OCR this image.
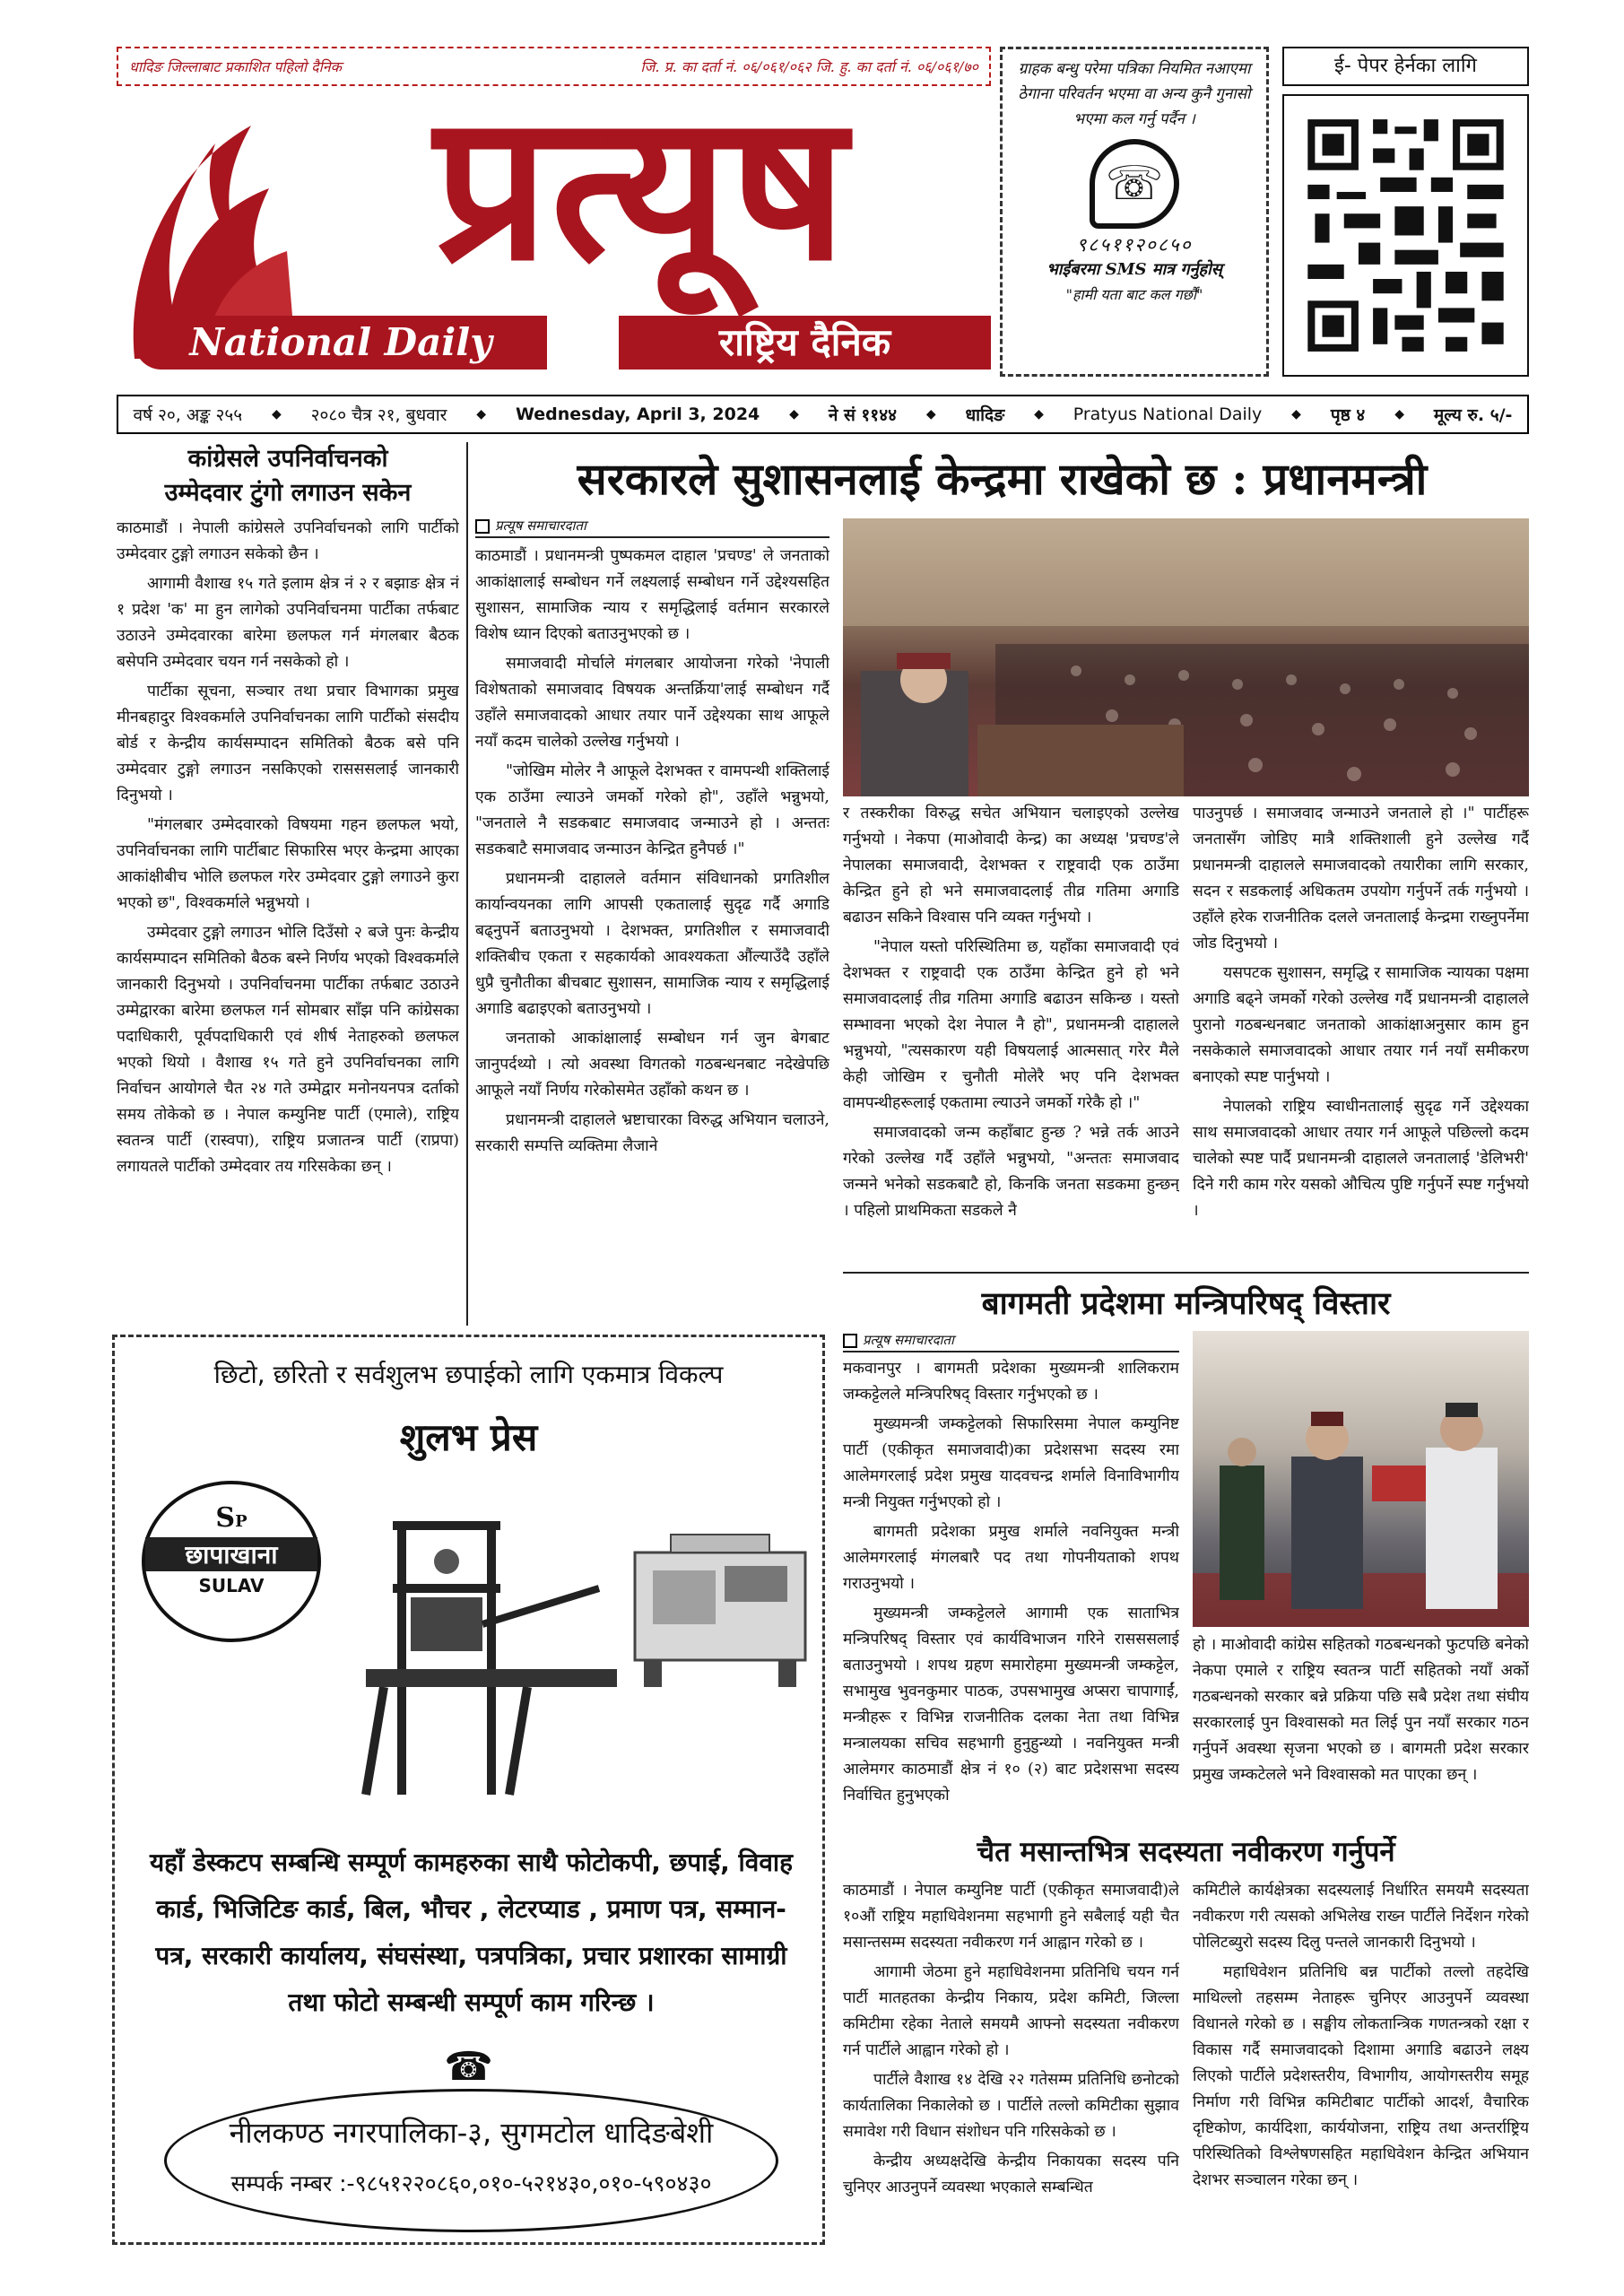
धादिङ जिल्लाबाट प्रकाशित पहिलो दैनिक	जि. प्र. का दर्ता नं. ०६/०६१/०६२ जि. हु. का दर्ता नं. ०६/०६१/७०
प्रत्यूष
National Daily	राष्ट्रिय दैनिक
ग्राहक बन्धु परेमा पत्रिका नियमित नआएमा ठेगाना परिवर्तन भएमा वा अन्य कुनै गुनासो भएमा कल गर्नु पर्दैन ।
☏
९८५११२०८५०
भाईबरमा SMS मात्र गर्नुहोस्
"हामी यता बाट कल गर्छौं"
ई- पेपर हेर्नका लागि
वर्ष २०, अङ्क २५५ ◆ २०८० चैत्र २१, बुधवार ◆ Wednesday, April 3, 2024 ◆ ने सं ११४४ ◆ धादिङ ◆ Pratyus National Daily ◆ पृष्ठ ४ ◆ मूल्य रु. ५/-
कांग्रेसले उपनिर्वाचनको
उम्मेदवार टुंगो लगाउन सकेन

काठमाडौं । नेपाली कांग्रेसले उपनिर्वाचनको लागि पार्टीको उम्मेदवार टुङ्गो लगाउन सकेको छैन ।

आगामी वैशाख १५ गते इलाम क्षेत्र नं २ र बझाङ क्षेत्र नं १ प्रदेश 'क' मा हुन लागेको उपनिर्वाचनमा पार्टीका तर्फबाट उठाउने उम्मेदवारका बारेमा छलफल गर्न मंगलबार बैठक बसेपनि उम्मेदवार चयन गर्न नसकेको हो ।

पार्टीका सूचना, सञ्चार तथा प्रचार विभागका प्रमुख मीनबहादुर विश्वकर्माले उपनिर्वाचनका लागि पार्टीको संसदीय बोर्ड र केन्द्रीय कार्यसम्पादन समितिको बैठक बसे पनि उम्मेदवार टुङ्गो लगाउन नसकिएको रासससलाई जानकारी दिनुभयो ।

"मंगलबार उम्मेदवारको विषयमा गहन छलफल भयो, उपनिर्वाचनका लागि पार्टीबाट सिफारिस भएर केन्द्रमा आएका आकांक्षीबीच भोलि छलफल गरेर उम्मेदवार टुङ्गो लगाउने कुरा भएको छ", विश्वकर्माले भन्नुभयो ।

उम्मेदवार टुङ्गो लगाउन भोलि दिउँसो २ बजे पुनः केन्द्रीय कार्यसम्पादन समितिको बैठक बस्ने निर्णय भएको विश्वकर्माले जानकारी दिनुभयो । उपनिर्वाचनमा पार्टीका तर्फबाट उठाउने उम्मेद्वारका बारेमा छलफल गर्न सोमबार साँझ पनि कांग्रेसका पदाधिकारी, पूर्वपदाधिकारी एवं शीर्ष नेताहरुको छलफल भएको थियो । वैशाख १५ गते हुने उपनिर्वाचनका लागि निर्वाचन आयोगले चैत २४ गते उम्मेद्वार मनोनयनपत्र दर्ताको समय तोकेको छ । नेपाल कम्युनिष्ट पार्टी (एमाले), राष्ट्रिय स्वतन्त्र पार्टी (रास्वपा), राष्ट्रिय प्रजातन्त्र पार्टी (राप्रपा) लगायतले पार्टीको उम्मेदवार तय गरिसकेका छन् ।

सरकारले सुशासनलाई केन्द्रमा राखेको छ : प्रधानमन्त्री
प्रत्यूष समाचारदाता

काठमाडौं । प्रधानमन्त्री पुष्पकमल दाहाल 'प्रचण्ड' ले जनताको आकांक्षालाई सम्बोधन गर्ने लक्ष्यलाई सम्बोधन गर्ने उद्देश्यसहित सुशासन, सामाजिक न्याय र समृद्धिलाई वर्तमान सरकारले विशेष ध्यान दिएको बताउनुभएको छ ।

समाजवादी मोर्चाले मंगलबार आयोजना गरेको 'नेपाली विशेषताको समाजवाद विषयक अन्तर्क्रिया'लाई सम्बोधन गर्दै उहाँले समाजवादको आधार तयार पार्ने उद्देश्यका साथ आफूले नयाँ कदम चालेको उल्लेख गर्नुभयो ।

"जोखिम मोलेर नै आफूले देशभक्त र वामपन्थी शक्तिलाई एक ठाउँमा ल्याउने जमर्को गरेको हो", उहाँले भन्नुभयो, "जनताले नै सडकबाट समाजवाद जन्माउने हो । अन्ततः सडकबाटै समाजवाद जन्माउन केन्द्रित हुनैपर्छ ।"

प्रधानमन्त्री दाहालले वर्तमान संविधानको प्रगतिशील कार्यान्वयनका लागि आपसी एकतालाई सुदृढ गर्दै अगाडि बढ्नुपर्ने बताउनुभयो । देशभक्त, प्रगतिशील र समाजवादी शक्तिबीच एकता र सहकार्यको आवश्यकता औंल्याउँदै उहाँले धुप्रै चुनौतीका बीचबाट सुशासन, सामाजिक न्याय र समृद्धिलाई अगाडि बढाइएको बताउनुभयो ।

जनताको आकांक्षालाई सम्बोधन गर्न जुन बेगबाट जानुपर्दथ्यो । त्यो अवस्था विगतको गठबन्धनबाट नदेखेपछि आफूले नयाँ निर्णय गरेकोसमेत उहाँको कथन छ ।

प्रधानमन्त्री दाहालले भ्रष्टाचारका विरुद्ध अभियान चलाउने, सरकारी सम्पत्ति व्यक्तिमा लैजाने

र तस्करीका विरुद्ध सचेत अभियान चलाइएको उल्लेख गर्नुभयो । नेकपा (माओवादी केन्द्र) का अध्यक्ष 'प्रचण्ड'ले नेपालका समाजवादी, देशभक्त र राष्ट्रवादी एक ठाउँमा केन्द्रित हुने हो भने समाजवादलाई तीव्र गतिमा अगाडि बढाउन सकिने विश्वास पनि व्यक्त गर्नुभयो ।

"नेपाल यस्तो परिस्थितिमा छ, यहाँका समाजवादी एवं देशभक्त र राष्ट्रवादी एक ठाउँमा केन्द्रित हुने हो भने समाजवादलाई तीव्र गतिमा अगाडि बढाउन सकिन्छ । यस्तो सम्भावना भएको देश नेपाल नै हो", प्रधानमन्त्री दाहालले भन्नुभयो, "त्यसकारण यही विषयलाई आत्मसात् गरेर मैले केही जोखिम र चुनौती मोलेरै भए पनि देशभक्त वामपन्थीहरूलाई एकतामा ल्याउने जमर्को गरेकै हो ।"

समाजवादको जन्म कहाँबाट हुन्छ ? भन्ने तर्क आउने गरेको उल्लेख गर्दै उहाँले भन्नुभयो, "अन्ततः समाजवाद जन्मने भनेको सडकबाटै हो, किनकि जनता सडकमा हुन्छन् । पहिलो प्राथमिकता सडकले नै

पाउनुपर्छ । समाजवाद जन्माउने जनताले हो ।" पार्टीहरू जनतासँग जोडिए मात्रै शक्तिशाली हुने उल्लेख गर्दै प्रधानमन्त्री दाहालले समाजवादको तयारीका लागि सरकार, सदन र सडकलाई अधिकतम उपयोग गर्नुपर्ने तर्क गर्नुभयो । उहाँले हरेक राजनीतिक दलले जनतालाई केन्द्रमा राख्नुपर्नेमा जोड दिनुभयो ।

यसपटक सुशासन, समृद्धि र सामाजिक न्यायका पक्षमा अगाडि बढ्ने जमर्को गरेको उल्लेख गर्दै प्रधानमन्त्री दाहालले पुरानो गठबन्धनबाट जनताको आकांक्षाअनुसार काम हुन नसकेकाले समाजवादको आधार तयार गर्न नयाँ समीकरण बनाएको स्पष्ट पार्नुभयो ।

नेपालको राष्ट्रिय स्वाधीनतालाई सुदृढ गर्ने उद्देश्यका साथ समाजवादको आधार तयार गर्न आफूले पछिल्लो कदम चालेको स्पष्ट पार्दै प्रधानमन्त्री दाहालले जनतालाई 'डेलिभरी' दिने गरी काम गरेर यसको औचित्य पुष्टि गर्नुपर्ने स्पष्ट गर्नुभयो ।

छिटो, छरितो र सर्वशुलभ छपाईको लागि एकमात्र विकल्प
शुलभ प्रेस
SP
छापाखाना
SULAV
यहाँ डेस्कटप सम्बन्धि सम्पूर्ण कामहरुका साथै फोटोकपी, छपाई, विवाह कार्ड, भिजिटिङ कार्ड, बिल, भौचर , लेटरप्याड , प्रमाण पत्र, सम्मान-पत्र, सरकारी कार्यालय, संघसंस्था, पत्रपत्रिका, प्रचार प्रशारका सामाग्री तथा फोटो सम्बन्धी सम्पूर्ण काम गरिन्छ ।
☎
नीलकण्ठ नगरपालिका-३, सुगमटोल धादिङबेशी
सम्पर्क नम्बर :-९८५१२२०८६०,०१०-५२१४३०,०१०-५९०४३०
बागमती प्रदेशमा मन्त्रिपरिषद् विस्तार
प्रत्यूष समाचारदाता

मकवानपुर । बागमती प्रदेशका मुख्यमन्त्री शालिकराम जम्कट्टेलले मन्त्रिपरिषद् विस्तार गर्नुभएको छ ।

मुख्यमन्त्री जम्कट्टेलको सिफारिसमा नेपाल कम्युनिष्ट पार्टी (एकीकृत समाजवादी)का प्रदेशसभा सदस्य रमा आलेमगरलाई प्रदेश प्रमुख यादवचन्द्र शर्माले विनाविभागीय मन्त्री नियुक्त गर्नुभएको हो ।

बागमती प्रदेशका प्रमुख शर्माले नवनियुक्त मन्त्री आलेमगरलाई मंगलबारै पद तथा गोपनीयताको शपथ गराउनुभयो ।

मुख्यमन्त्री जम्कट्टेलले आगामी एक साताभित्र मन्त्रिपरिषद् विस्तार एवं कार्यविभाजन गरिने रासससलाई बताउनुभयो । शपथ ग्रहण समारोहमा मुख्यमन्त्री जम्कट्टेल, सभामुख भुवनकुमार पाठक, उपसभामुख अप्सरा चापागाईं, मन्त्रीहरू र विभिन्न राजनीतिक दलका नेता तथा विभिन्न मन्त्रालयका सचिव सहभागी हुनुहुन्थ्यो । नवनियुक्त मन्त्री आलेमगर काठमाडौं क्षेत्र नं १० (२) बाट प्रदेशसभा सदस्य निर्वाचित हुनुभएको

हो । माओवादी कांग्रेस सहितको गठबन्धनको फुटपछि बनेको नेकपा एमाले र राष्ट्रिय स्वतन्त्र पार्टी सहितको नयाँ अर्को गठबन्धनको सरकार बन्ने प्रक्रिया पछि सबै प्रदेश तथा संघीय सरकारलाई पुन विश्वासको मत लिई पुन नयाँ सरकार गठन गर्नुपर्ने अवस्था सृजना भएको छ । बागमती प्रदेश सरकार प्रमुख जम्कटेलले भने विश्वासको मत पाएका छन् ।

चैत मसान्तभित्र सदस्यता नवीकरण गर्नुपर्ने

काठमाडौं । नेपाल कम्युनिष्ट पार्टी (एकीकृत समाजवादी)ले १०औं राष्ट्रिय महाधिवेशनमा सहभागी हुने सबैलाई यही चैत मसान्तसम्म सदस्यता नवीकरण गर्न आह्वान गरेको छ ।

आगामी जेठमा हुने महाधिवेशनमा प्रतिनिधि चयन गर्न पार्टी मातहतका केन्द्रीय निकाय, प्रदेश कमिटी, जिल्ला कमिटीमा रहेका नेताले समयमै आफ्नो सदस्यता नवीकरण गर्न पार्टीले आह्वान गरेको हो ।

पार्टीले वैशाख १४ देखि २२ गतेसम्म प्रतिनिधि छनोटको कार्यतालिका निकालेको छ । पार्टीले तल्लो कमिटीका सुझाव समावेश गरी विधान संशोधन पनि गरिसकेको छ ।

केन्द्रीय अध्यक्षदेखि केन्द्रीय निकायका सदस्य पनि चुनिएर आउनुपर्ने व्यवस्था भएकाले सम्बन्धित

कमिटीले कार्यक्षेत्रका सदस्यलाई निर्धारित समयमै सदस्यता नवीकरण गरी त्यसको अभिलेख राख्न पार्टीले निर्देशन गरेको पोलिटब्युरो सदस्य दिलु पन्तले जानकारी दिनुभयो ।

महाधिवेशन प्रतिनिधि बन्न पार्टीको तल्लो तहदेखि माथिल्लो तहसम्म नेताहरू चुनिएर आउनुपर्ने व्यवस्था विधानले गरेको छ । सङ्घीय लोकतान्त्रिक गणतन्त्रको रक्षा र विकास गर्दै समाजवादको दिशामा अगाडि बढाउने लक्ष्य लिएको पार्टीले प्रदेशस्तरीय, विभागीय, आयोगस्तरीय समूह निर्माण गरी विभिन्न कमिटीबाट पार्टीको आदर्श, वैचारिक दृष्टिकोण, कार्यदिशा, कार्ययोजना, राष्ट्रिय तथा अन्तर्राष्ट्रिय परिस्थितिको विश्लेषणसहित महाधिवेशन केन्द्रित अभियान देशभर सञ्चालन गरेका छन् ।
